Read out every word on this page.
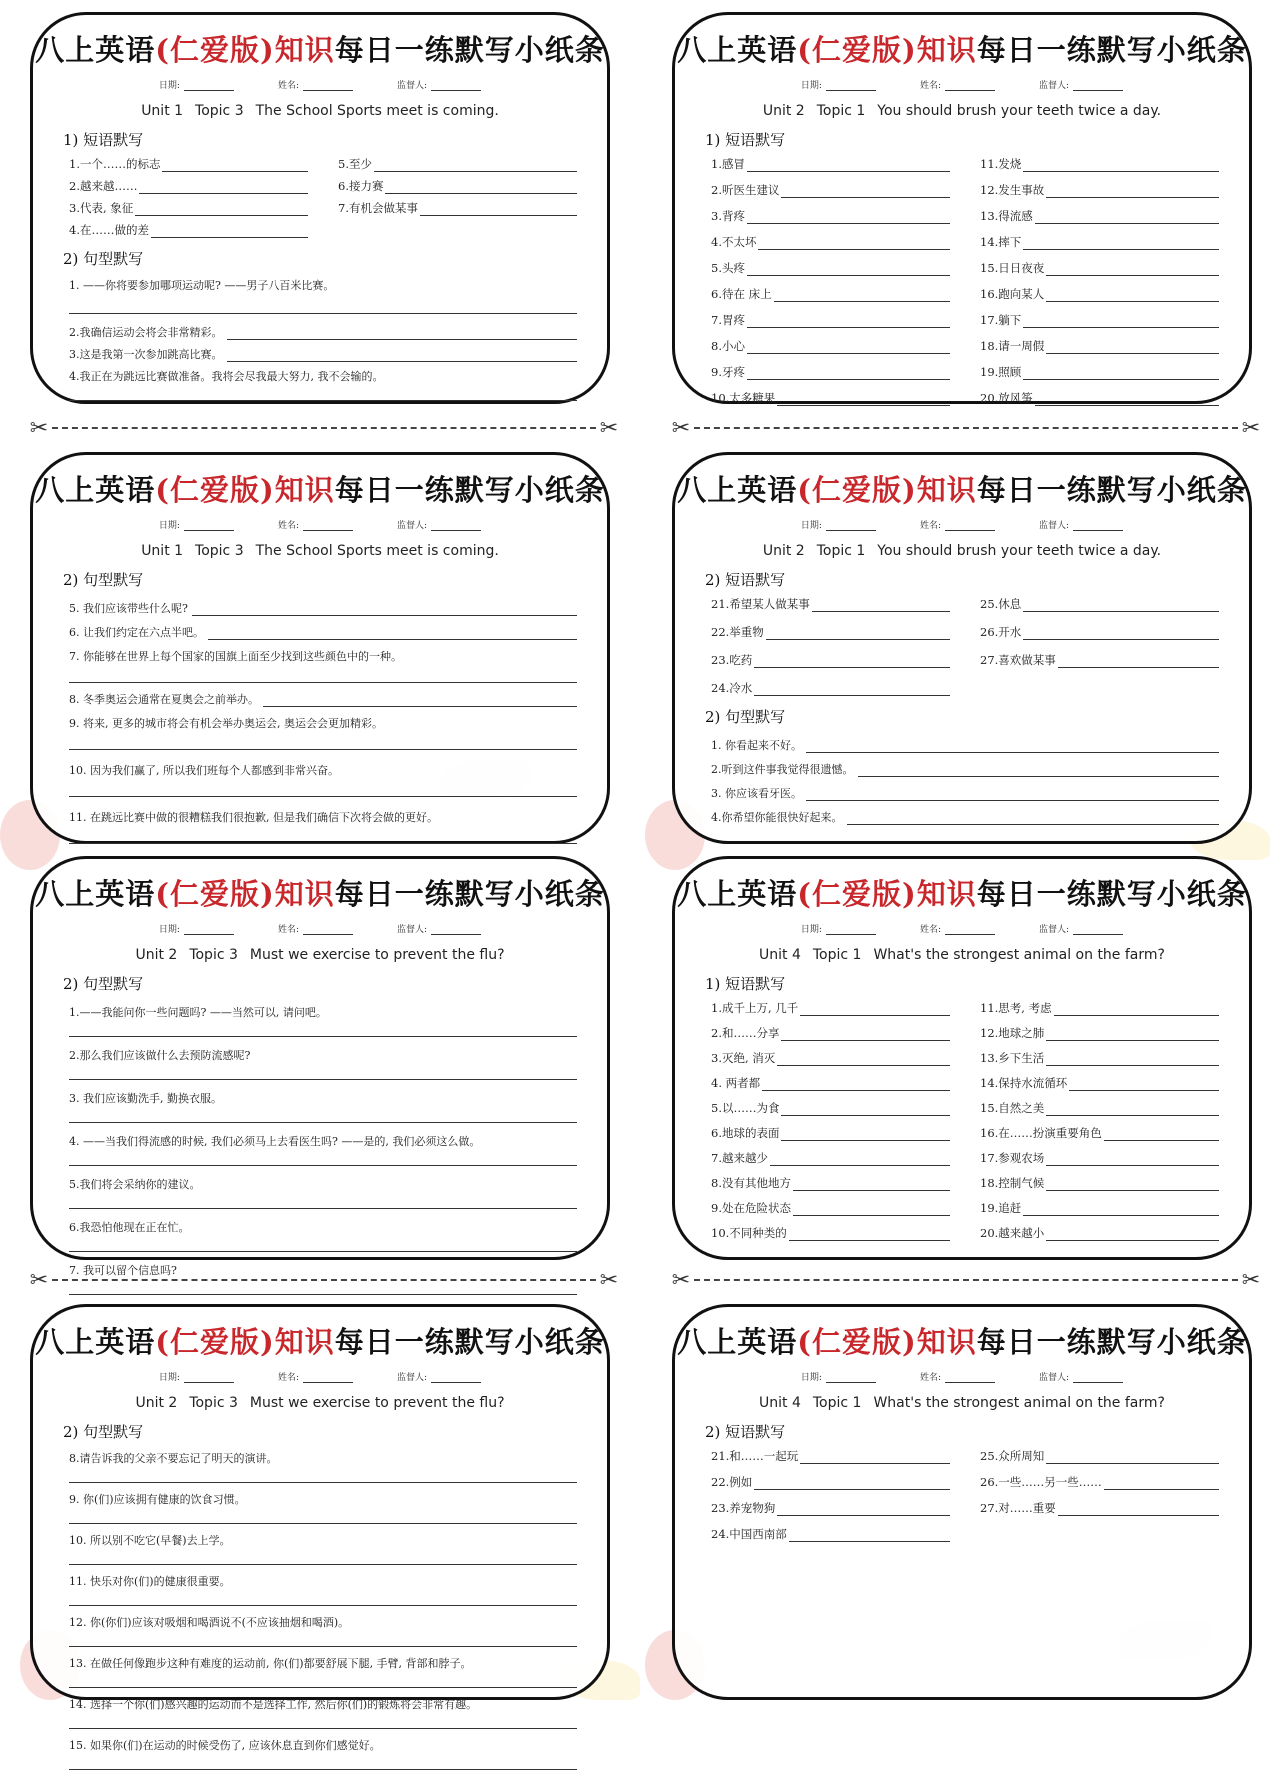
八上英语(仁爱版)知识每日一练默写小纸条
日期:	姓名:	监督人:
Unit 1 Topic 3 The School Sports meet is coming.
1) 短语默写
1.一个……的标志	5.至少
2.越来越……	6.接力赛
3.代表, 象征	7.有机会做某事
4.在……做的差
2) 句型默写
1. ——你将要参加哪项运动呢? ——男子八百米比赛。
2.我确信运动会将会非常精彩。
3.这是我第一次参加跳高比赛。
4.我正在为跳远比赛做准备。我将会尽我最大努力, 我不会输的。
八上英语(仁爱版)知识每日一练默写小纸条
日期:	姓名:	监督人:
Unit 2 Topic 1 You should brush your teeth twice a day.
1) 短语默写
1.感冒	11.发烧
2.听医生建议	12.发生事故
3.背疼	13.得流感
4.不太坏	14.摔下
5.头疼	15.日日夜夜
6.待在 床上	16.跑向某人
7.胃疼	17.躺下
8.小心	18.请一周假
9.牙疼	19.照顾
10.太多糖果	20.放风筝
✂	✂ ✂	✂
八上英语(仁爱版)知识每日一练默写小纸条
日期:	姓名:	监督人:
Unit 1 Topic 3 The School Sports meet is coming.
2) 句型默写
5. 我们应该带些什么呢?
6. 让我们约定在六点半吧。
7. 你能够在世界上每个国家的国旗上面至少找到这些颜色中的一种。
8. 冬季奥运会通常在夏奥会之前举办。
9. 将来, 更多的城市将会有机会举办奥运会, 奥运会会更加精彩。
10. 因为我们赢了, 所以我们班每个人都感到非常兴奋。
11. 在跳远比赛中做的很糟糕我们很抱歉, 但是我们确信下次将会做的更好。
八上英语(仁爱版)知识每日一练默写小纸条
日期:	姓名:	监督人:
Unit 2 Topic 1 You should brush your teeth twice a day.
2) 短语默写
21.希望某人做某事	25.休息
22.举重物	26.开水
23.吃药	27.喜欢做某事
24.冷水
2) 句型默写
1. 你看起来不好。
2.听到这件事我觉得很遗憾。
3. 你应该看牙医。
4.你希望你能很快好起来。
八上英语(仁爱版)知识每日一练默写小纸条
日期:	姓名:	监督人:
Unit 2 Topic 3 Must we exercise to prevent the flu?
2) 句型默写
1.——我能问你一些问题吗? ——当然可以, 请问吧。
2.那么我们应该做什么去预防流感呢?
3. 我们应该勤洗手, 勤换衣服。
4. ——当我们得流感的时候, 我们必须马上去看医生吗? ——是的, 我们必须这么做。
5.我们将会采纳你的建议。
6.我恐怕他现在正在忙。
7. 我可以留个信息吗?
八上英语(仁爱版)知识每日一练默写小纸条
日期:	姓名:	监督人:
Unit 4 Topic 1 What's the strongest animal on the farm?
1) 短语默写
1.成千上万, 几千	11.思考, 考虑
2.和……分享	12.地球之肺
3.灭绝, 消灭	13.乡下生活
4. 两者都	14.保持水流循环
5.以……为食	15.自然之美
6.地球的表面	16.在……扮演重要角色
7.越来越少	17.参观农场
8.没有其他地方	18.控制气候
9.处在危险状态	19.追赶
10.不同种类的	20.越来越小
✂	✂ ✂	✂
八上英语(仁爱版)知识每日一练默写小纸条
日期:	姓名:	监督人:
Unit 2 Topic 3 Must we exercise to prevent the flu?
2) 句型默写
8.请告诉我的父亲不要忘记了明天的演讲。
9. 你(们)应该拥有健康的饮食习惯。
10. 所以别不吃它(早餐)去上学。
11. 快乐对你(们)的健康很重要。
12. 你(你们)应该对吸烟和喝酒说不(不应该抽烟和喝酒)。
13. 在做任何像跑步这种有难度的运动前, 你(们)都要舒展下腿, 手臂, 背部和脖子。
14. 选择一个你(们)感兴趣的运动而不是选择工作, 然后你(们)的锻炼将会非常有趣。
15. 如果你(们)在运动的时候受伤了, 应该休息直到你们感觉好。
八上英语(仁爱版)知识每日一练默写小纸条
日期:	姓名:	监督人:
Unit 4 Topic 1 What's the strongest animal on the farm?
2) 短语默写
21.和……一起玩	25.众所周知
22.例如	26.一些……另一些……
23.养宠物狗	27.对……重要
24.中国西南部
